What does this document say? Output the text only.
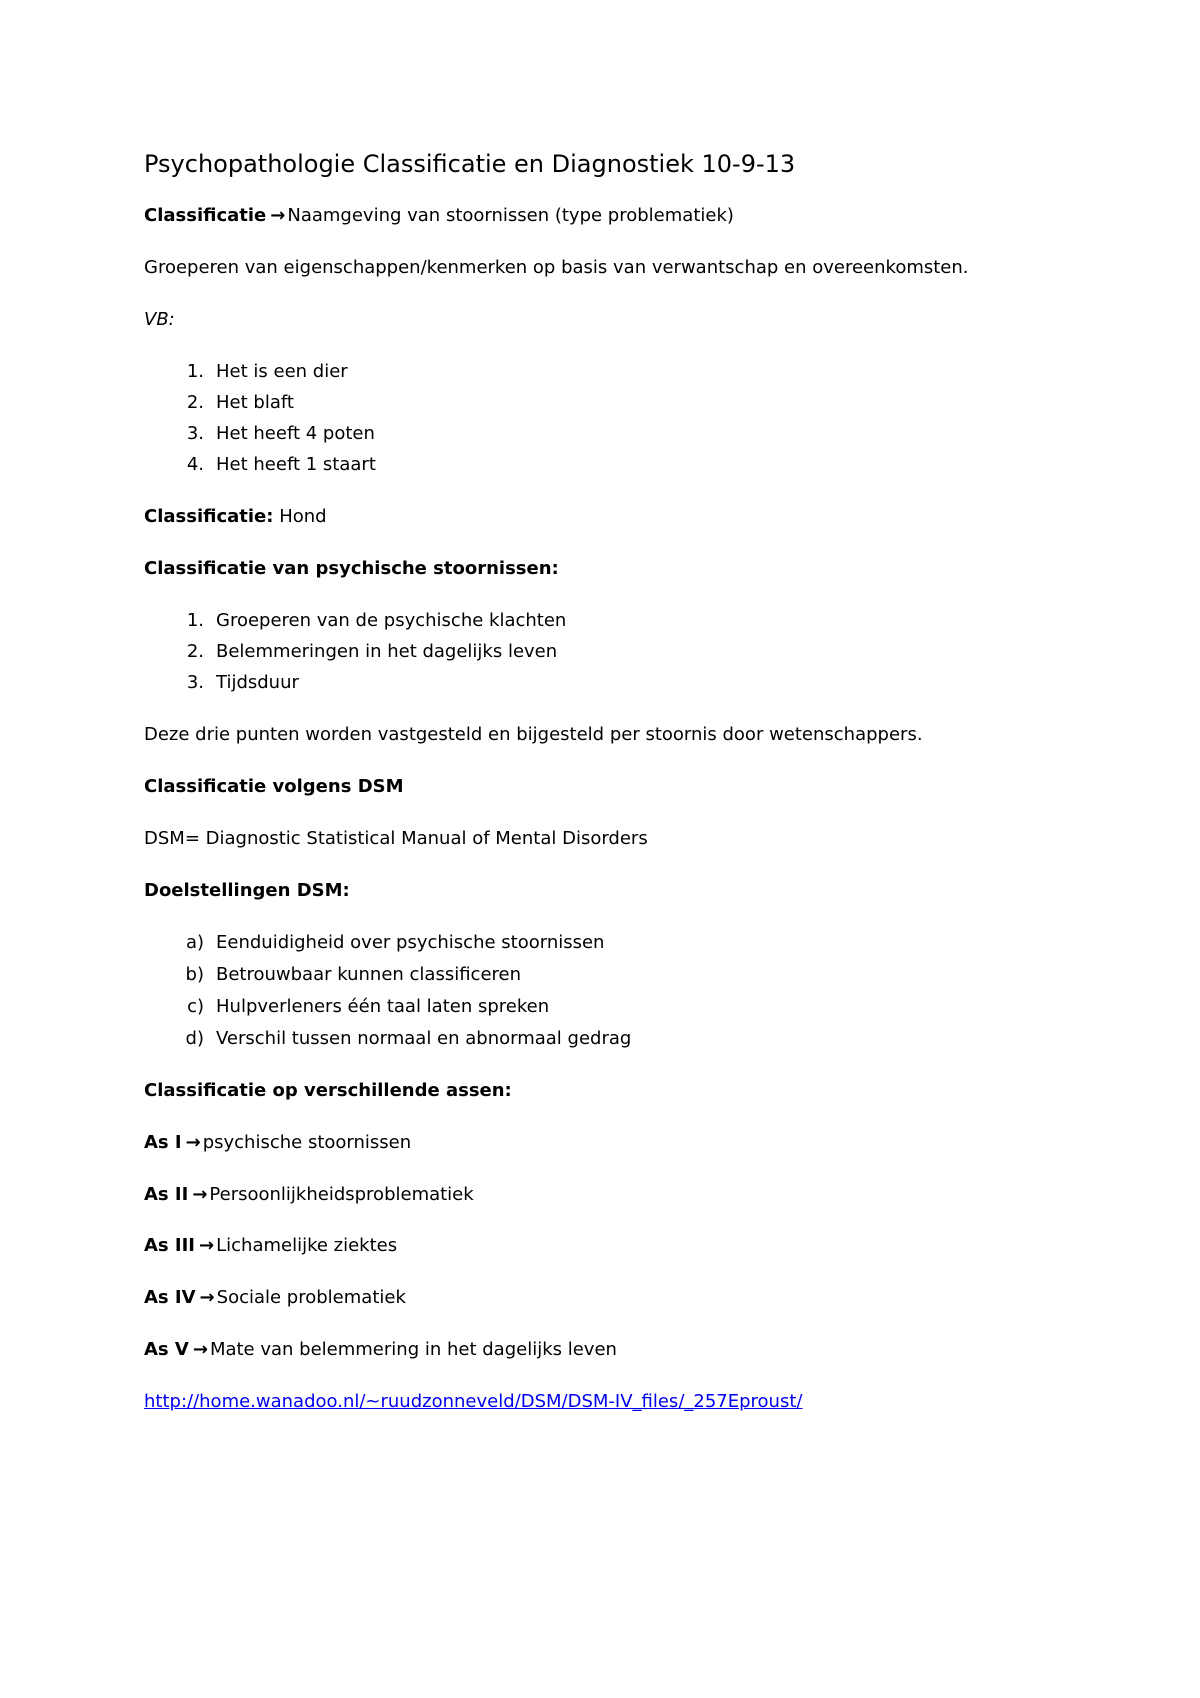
Psychopathologie Classificatie en Diagnostiek 10-9-13
Classificatie → Naamgeving van stoornissen (type problematiek)
Groeperen van eigenschappen/kenmerken op basis van verwantschap en overeenkomsten.
VB:
1. Het is een dier
2. Het blaft
3. Het heeft 4 poten
4. Het heeft 1 staart
Classificatie: Hond
Classificatie van psychische stoornissen:
1. Groeperen van de psychische klachten
2. Belemmeringen in het dagelijks leven
3. Tijdsduur
Deze drie punten worden vastgesteld en bijgesteld per stoornis door wetenschappers.
Classificatie volgens DSM
DSM= Diagnostic Statistical Manual of Mental Disorders
Doelstellingen DSM:
a) Eenduidigheid over psychische stoornissen
b) Betrouwbaar kunnen classificeren
c) Hulpverleners één taal laten spreken
d) Verschil tussen normaal en abnormaal gedrag
Classificatie op verschillende assen:
As I → psychische stoornissen
As II → Persoonlijkheidsproblematiek
As III → Lichamelijke ziektes
As IV → Sociale problematiek
As V → Mate van belemmering in het dagelijks leven
http://home.wanadoo.nl/~ruudzonneveld/DSM/DSM-IV_files/_257Eproust/
